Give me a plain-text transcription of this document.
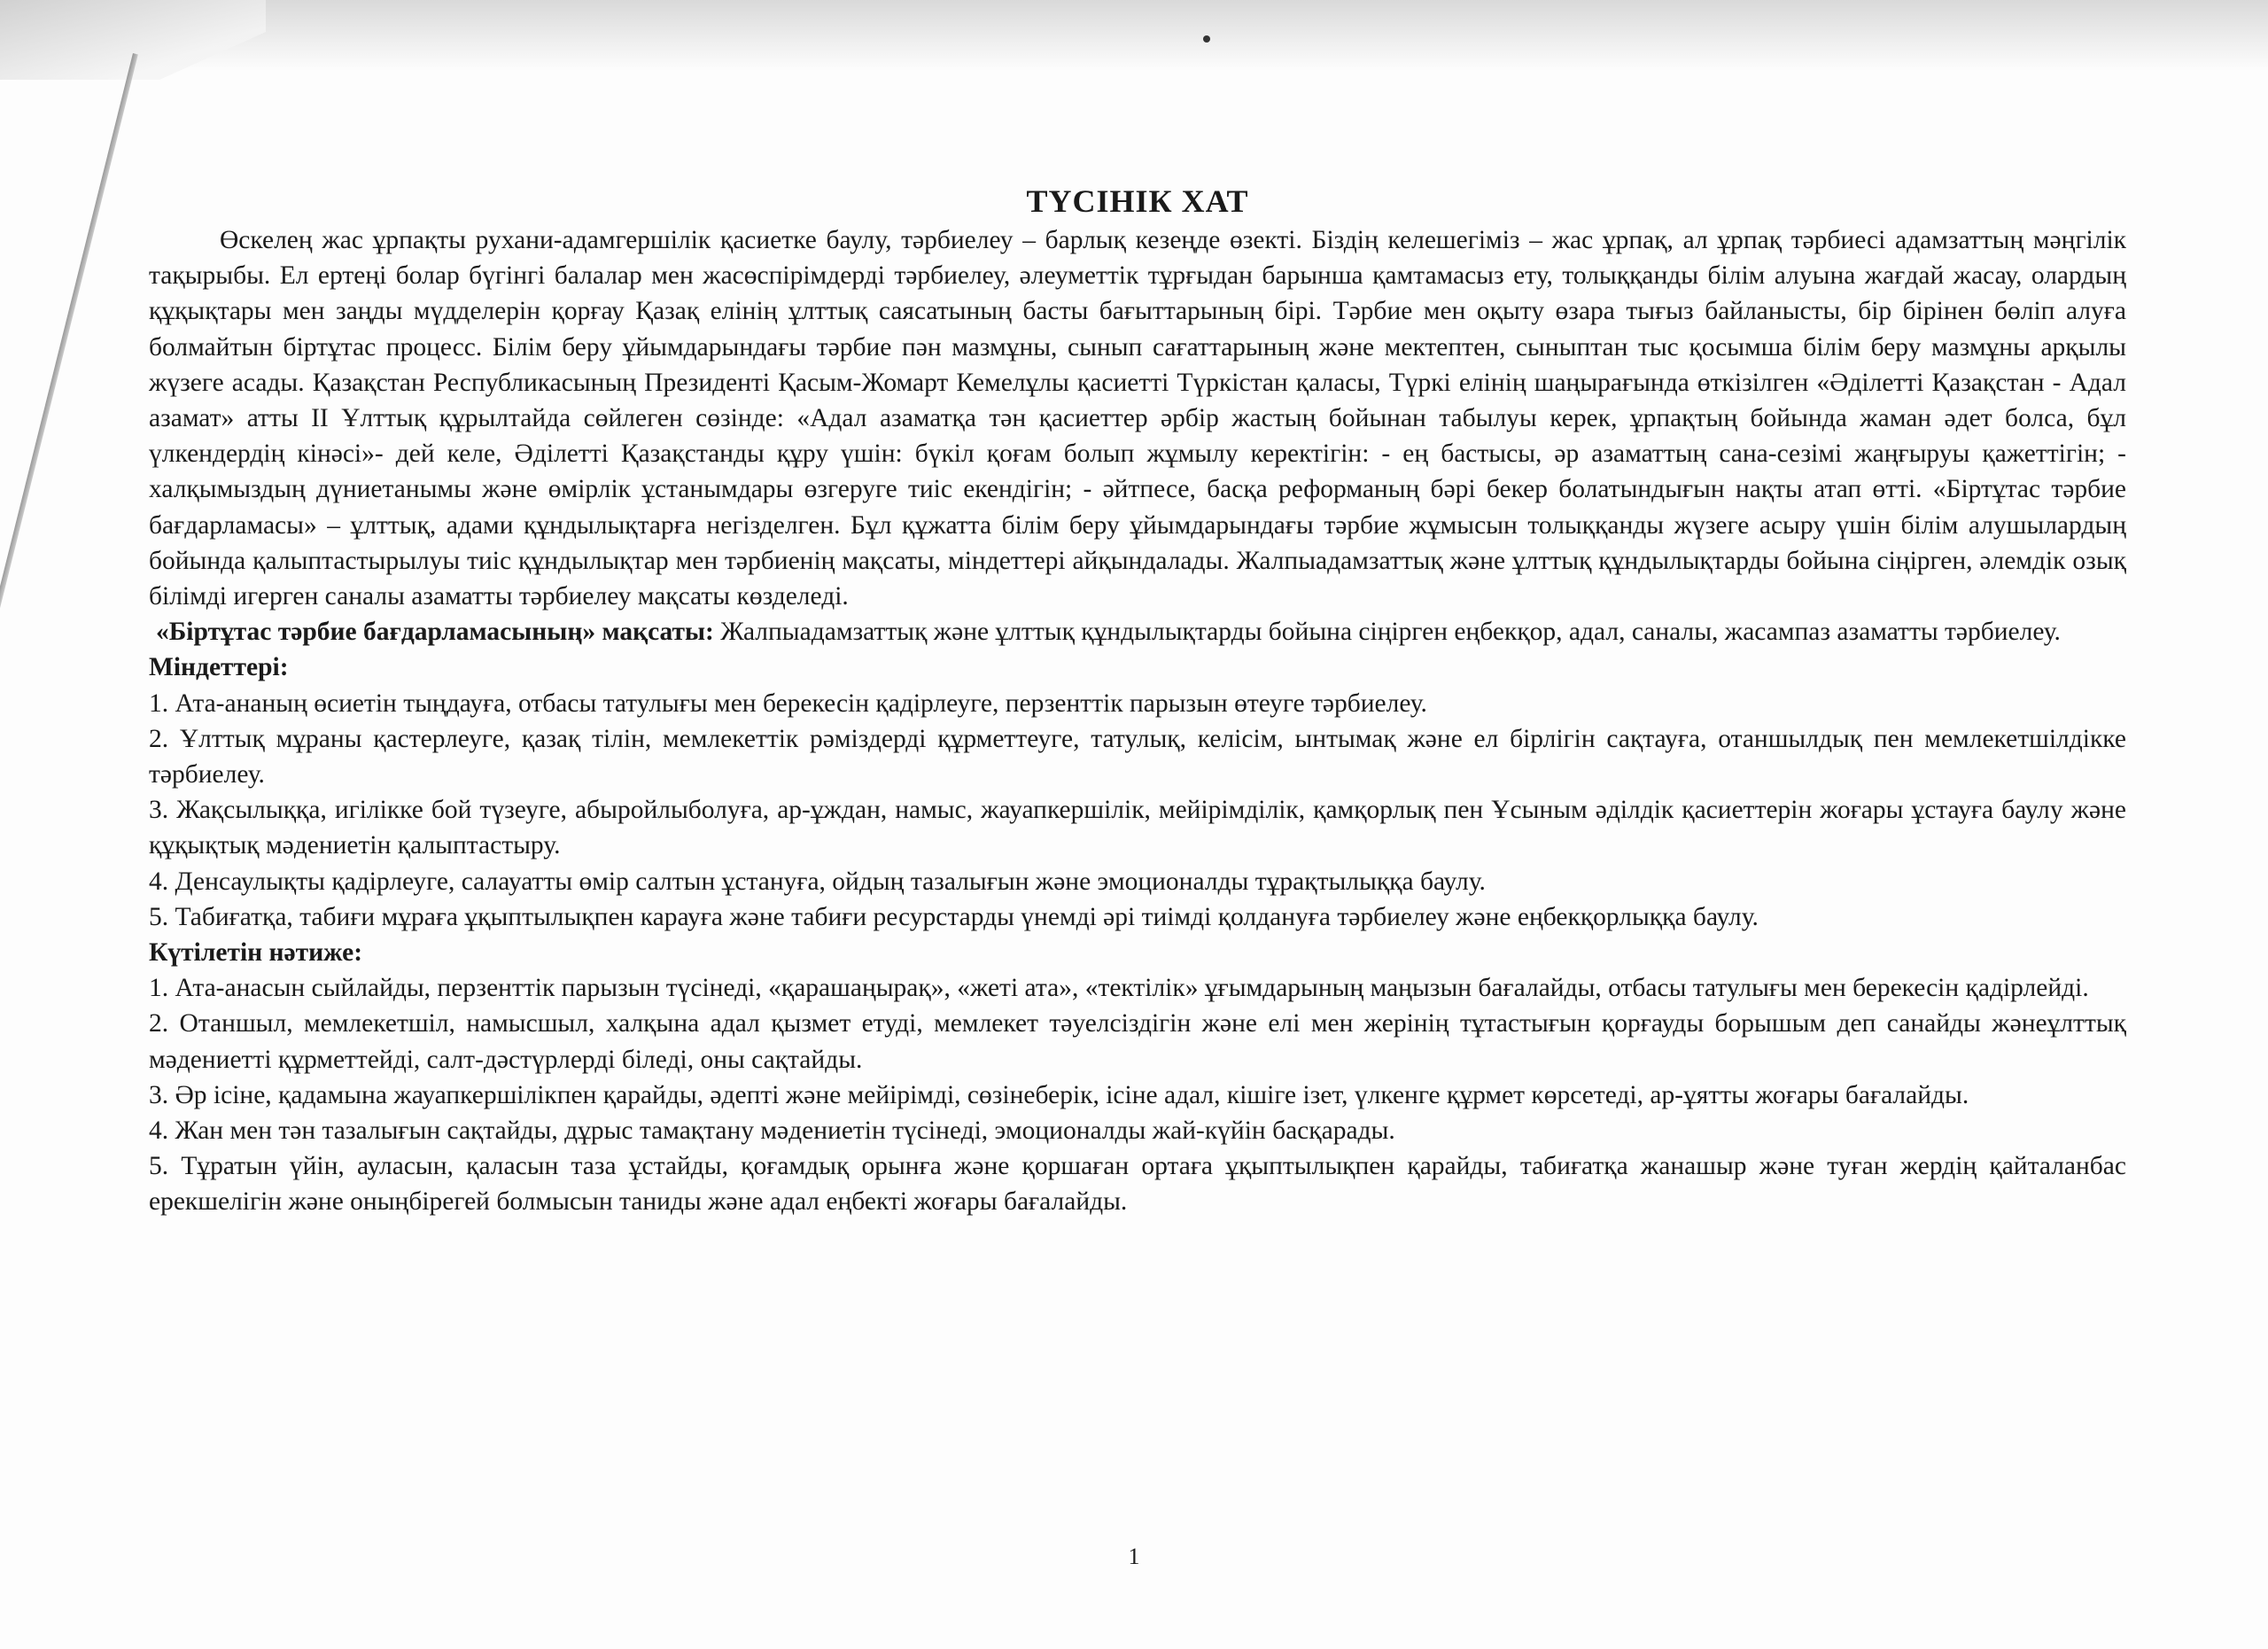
ТҮСІНІК ХАТ

Өскелең жас ұрпақты рухани-адамгершілік қасиетке баулу, тәрбиелеу – барлық кезеңде өзекті. Біздің келешегіміз – жас ұрпақ, ал ұрпақ тәрбиесі адамзаттың мәңгілік тақырыбы. Ел ертеңі болар бүгінгі балалар мен жасөспірімдерді тәрбиелеу, әлеуметтік тұрғыдан барынша қамтамасыз ету, толыққанды білім алуына жағдай жасау, олардың құқықтары мен заңды мүдделерін қорғау Қазақ елінің ұлттық саясатының басты бағыттарының бірі. Тәрбие мен оқыту өзара тығыз байланысты, бір бірінен бөліп алуға болмайтын біртұтас процесс. Білім беру ұйымдарындағы тәрбие пән мазмұны, сынып сағаттарының және мектептен, сыныптан тыс қосымша білім беру мазмұны арқылы жүзеге асады. Қазақстан Республикасының Президенті Қасым-Жомарт Кемелұлы қасиетті Түркістан қаласы, Түркі елінің шаңырағында өткізілген «Әділетті Қазақстан - Адал азамат» атты ІІ Ұлттық құрылтайда сөйлеген сөзінде: «Адал азаматқа тән қасиеттер әрбір жастың бойынан табылуы керек, ұрпақтың бойында жаман әдет болса, бұл үлкендердің кінәсі»- дей келе, Әділетті Қазақстанды құру үшін: бүкіл қоғам болып жұмылу керектігін: - ең бастысы, әр азаматтың сана-сезімі жаңғыруы қажеттігін; - халқымыздың дүниетанымы және өмірлік ұстанымдары өзгеруге тиіс екендігін; - әйтпесе, басқа реформаның бәрі бекер болатындығын нақты атап өтті. «Біртұтас тәрбие бағдарламасы» – ұлттық, адами құндылықтарға негізделген. Бұл құжатта білім беру ұйымдарындағы тәрбие жұмысын толыққанды жүзеге асыру үшін білім алушылардың бойында қалыптастырылуы тиіс құндылықтар мен тәрбиенің мақсаты, міндеттері айқындалады. Жалпыадамзаттық және ұлттық құндылықтарды бойына сіңірген, әлемдік озық білімді игерген саналы азаматты тәрбиелеу мақсаты көзделеді.

«Біртұтас тәрбие бағдарламасының» мақсаты: Жалпыадамзаттық және ұлттық құндылықтарды бойына сіңірген еңбекқор, адал, саналы, жасампаз азаматты тәрбиелеу.

Міндеттері:

1. Ата-ананың өсиетін тыңдауға, отбасы татулығы мен берекесін қадірлеуге, перзенттік парызын өтеуге тәрбиелеу.
2. Ұлттық мұраны қастерлеуге, қазақ тілін, мемлекеттік рәміздерді құрметтеуге, татулық, келісім, ынтымақ және ел бірлігін сақтауға, отаншылдық пен мемлекетшілдікке тәрбиелеу.
3. Жақсылыққа, игілікке бой түзеуге, абыройлыболуға, ар-ұждан, намыс, жауапкершілік, мейірімділік, қамқорлық пен Ұсыным әділдік қасиеттерін жоғары ұстауға баулу және құқықтық мәдениетін қалыптастыру.
4. Денсаулықты қадірлеуге, салауатты өмір салтын ұстануға, ойдың тазалығын және эмоционалды тұрақтылыққа баулу.
5. Табиғатқа, табиғи мұраға ұқыптылықпен карауға және табиғи ресурстарды үнемді әрі тиімді қолдануға тәрбиелеу және еңбекқорлыққа баулу.

Күтілетін нәтиже:

1. Ата-анасын сыйлайды, перзенттік парызын түсінеді, «қарашаңырақ», «жеті ата», «тектілік» ұғымдарының маңызын бағалайды, отбасы татулығы мен берекесін қадірлейді.
2. Отаншыл, мемлекетшіл, намысшыл, халқына адал қызмет етуді, мемлекет тәуелсіздігін және елі мен жерінің тұтастығын қорғауды борышым деп санайды жәнеұлттық мәдениетті құрметтейді, салт-дәстүрлерді біледі, оны сақтайды.
3. Әр ісіне, қадамына жауапкершілікпен қарайды, әдепті және мейірімді, сөзінеберік, ісіне адал, кішіге ізет, үлкенге құрмет көрсетеді, ар-ұятты жоғары бағалайды.
4. Жан мен тән тазалығын сақтайды, дұрыс тамақтану мәдениетін түсінеді, эмоционалды жай-күйін басқарады.
5. Тұратын үйін, ауласын, қаласын таза ұстайды, қоғамдық орынға және қоршаған ортаға ұқыптылықпен қарайды, табиғатқа жанашыр және туған жердің қайталанбас ерекшелігін және оныңбірегей болмысын таниды және адал еңбекті жоғары бағалайды.
1
